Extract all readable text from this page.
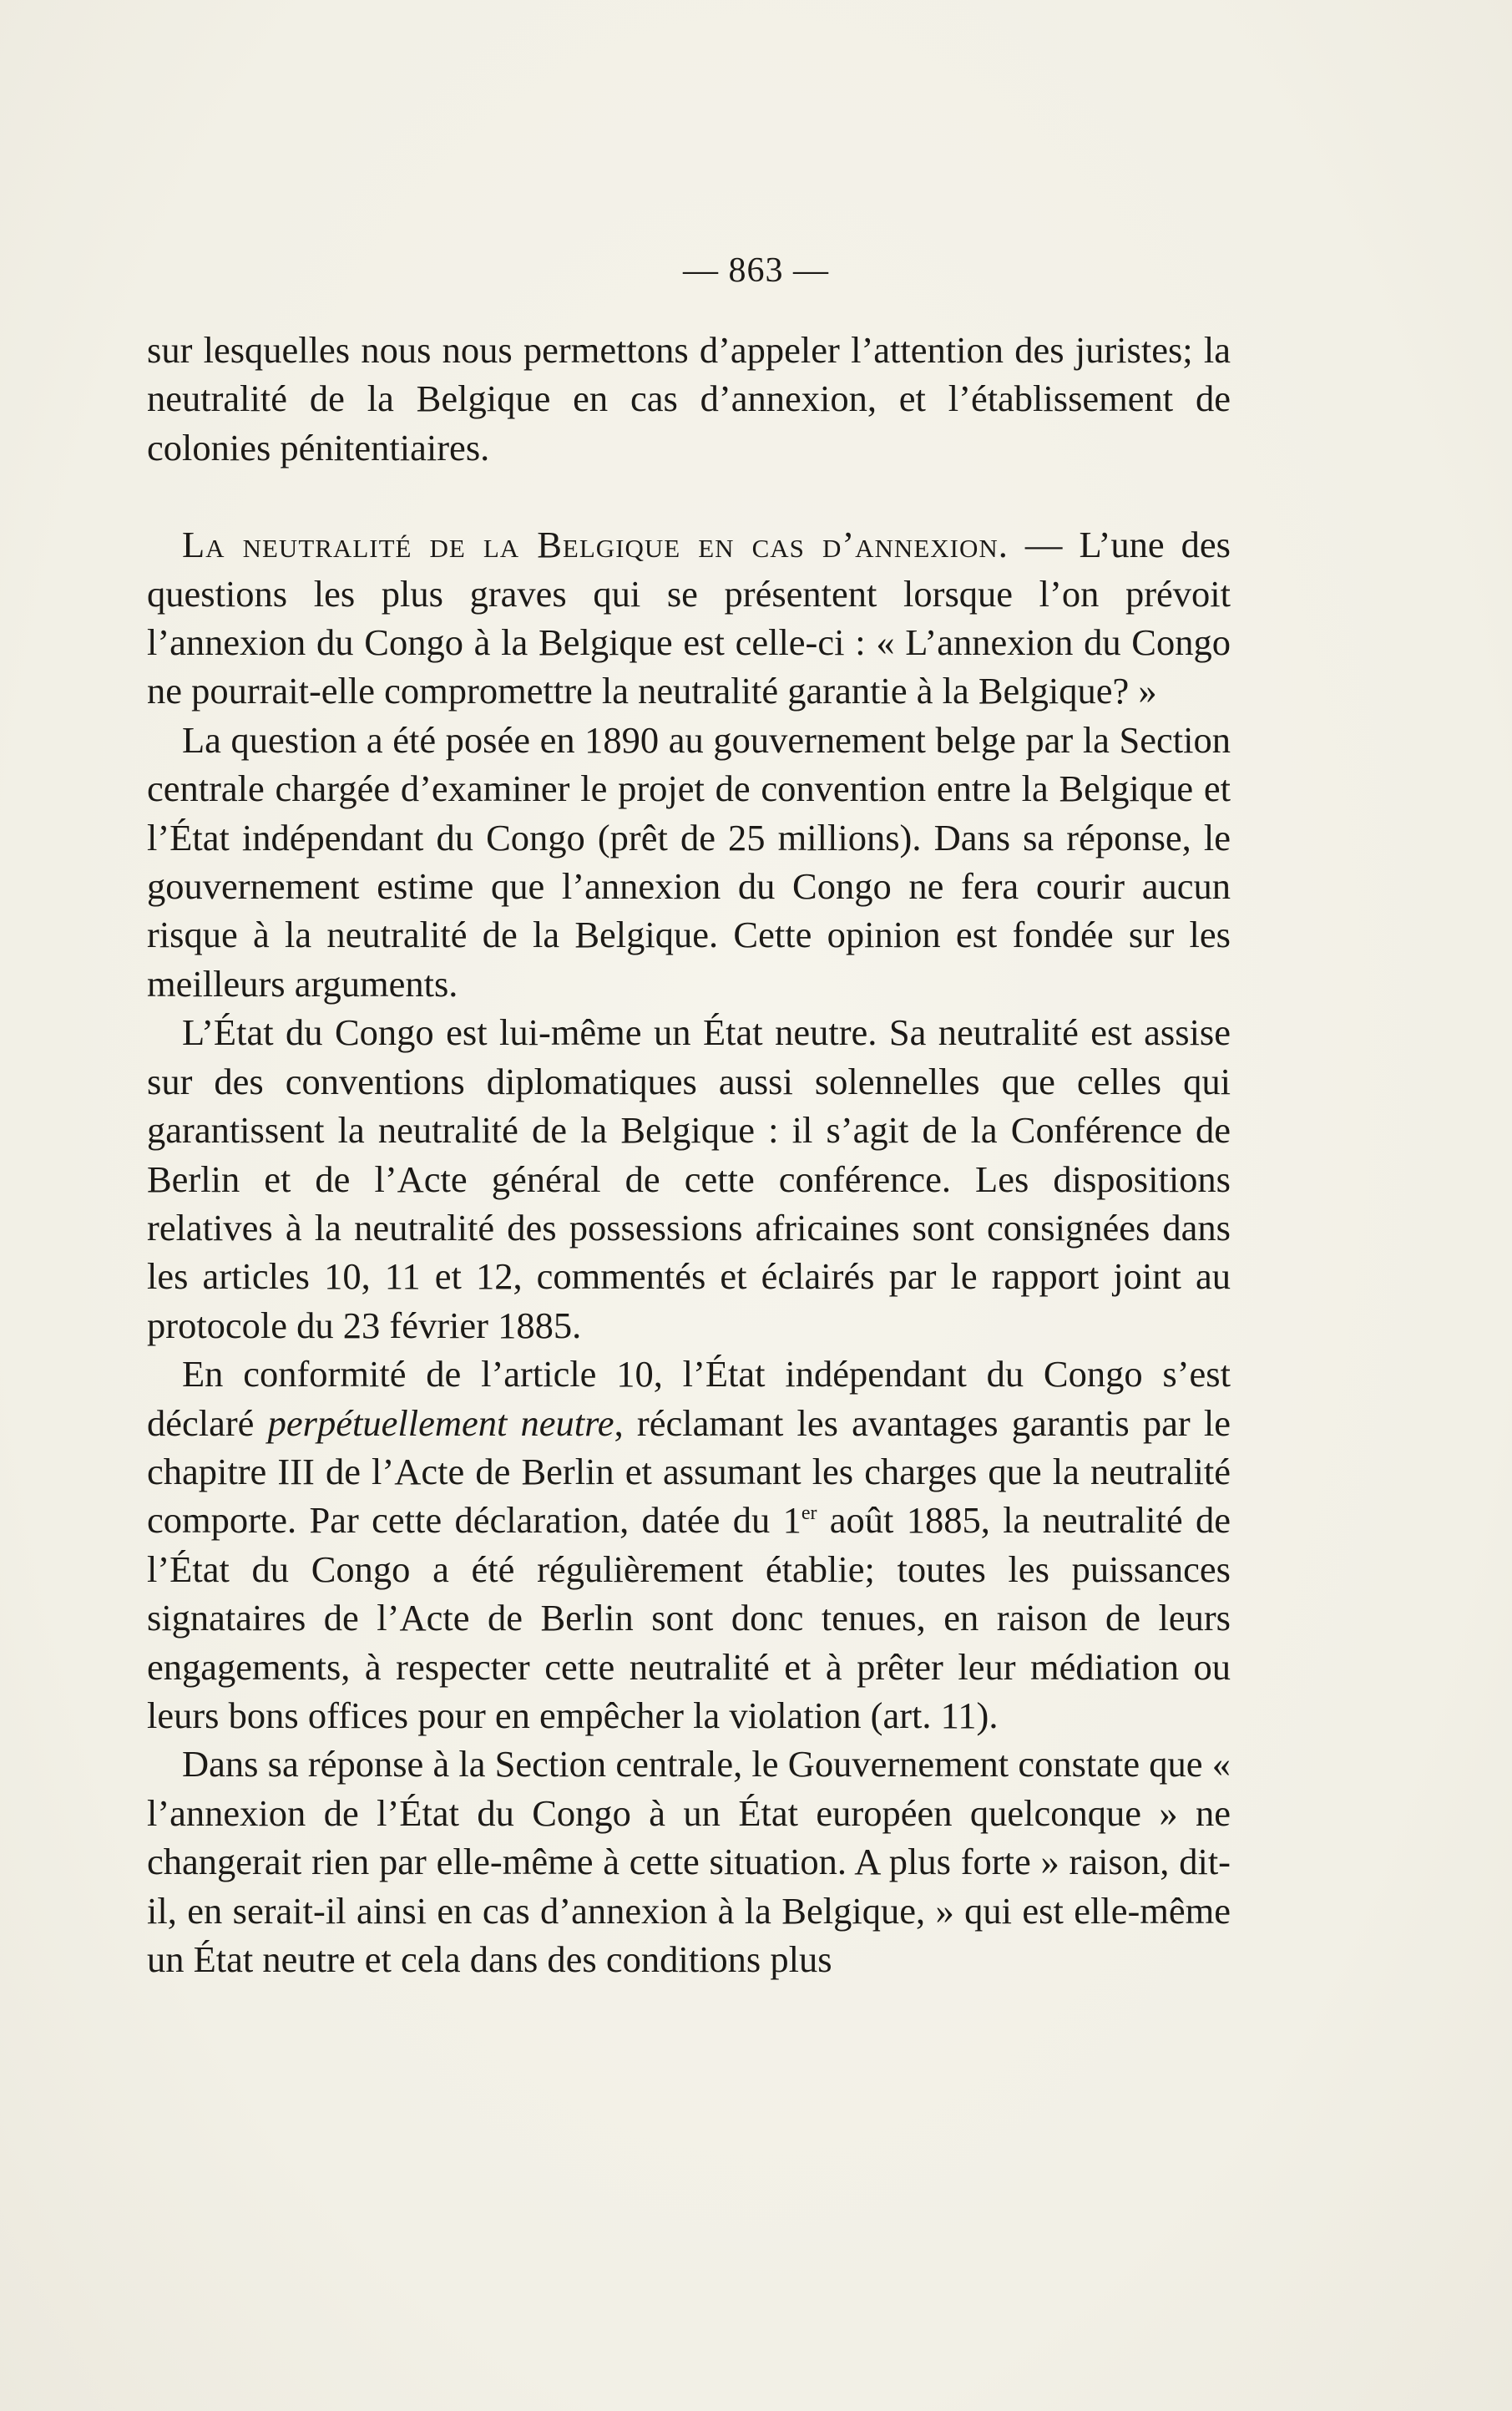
— 863 —

sur lesquelles nous nous permettons d’appeler l’attention des juristes; la neutralité de la Belgique en cas d’annexion, et l’établissement de colonies pénitentiaires.

La neutralité de la Belgique en cas d’annexion. — L’une des questions les plus graves qui se présentent lorsque l’on prévoit l’annexion du Congo à la Belgique est celle-ci : « L’annexion du Congo ne pourrait-elle compromettre la neutralité garantie à la Belgique? »

La question a été posée en 1890 au gouvernement belge par la Section centrale chargée d’examiner le projet de convention entre la Belgique et l’État indépendant du Congo (prêt de 25 millions). Dans sa réponse, le gouvernement estime que l’annexion du Congo ne fera courir aucun risque à la neutralité de la Belgique. Cette opinion est fondée sur les meilleurs arguments.

L’État du Congo est lui-même un État neutre. Sa neutralité est assise sur des conventions diplomatiques aussi solennelles que celles qui garantissent la neutralité de la Belgique : il s’agit de la Conférence de Berlin et de l’Acte général de cette conférence. Les dispositions relatives à la neutralité des possessions africaines sont consignées dans les articles 10, 11 et 12, commentés et éclairés par le rapport joint au protocole du 23 février 1885.

En conformité de l’article 10, l’État indépendant du Congo s’est déclaré perpétuellement neutre, réclamant les avantages garantis par le chapitre III de l’Acte de Berlin et assumant les charges que la neutralité comporte. Par cette déclaration, datée du 1er août 1885, la neutralité de l’État du Congo a été régulièrement établie; toutes les puissances signataires de l’Acte de Berlin sont donc tenues, en raison de leurs engagements, à respecter cette neutralité et à prêter leur médiation ou leurs bons offices pour en empêcher la violation (art. 11).

Dans sa réponse à la Section centrale, le Gouvernement constate que « l’annexion de l’État du Congo à un État européen quelconque » ne changerait rien par elle-même à cette situation. A plus forte » raison, dit-il, en serait-il ainsi en cas d’annexion à la Belgique, » qui est elle-même un État neutre et cela dans des conditions plus
